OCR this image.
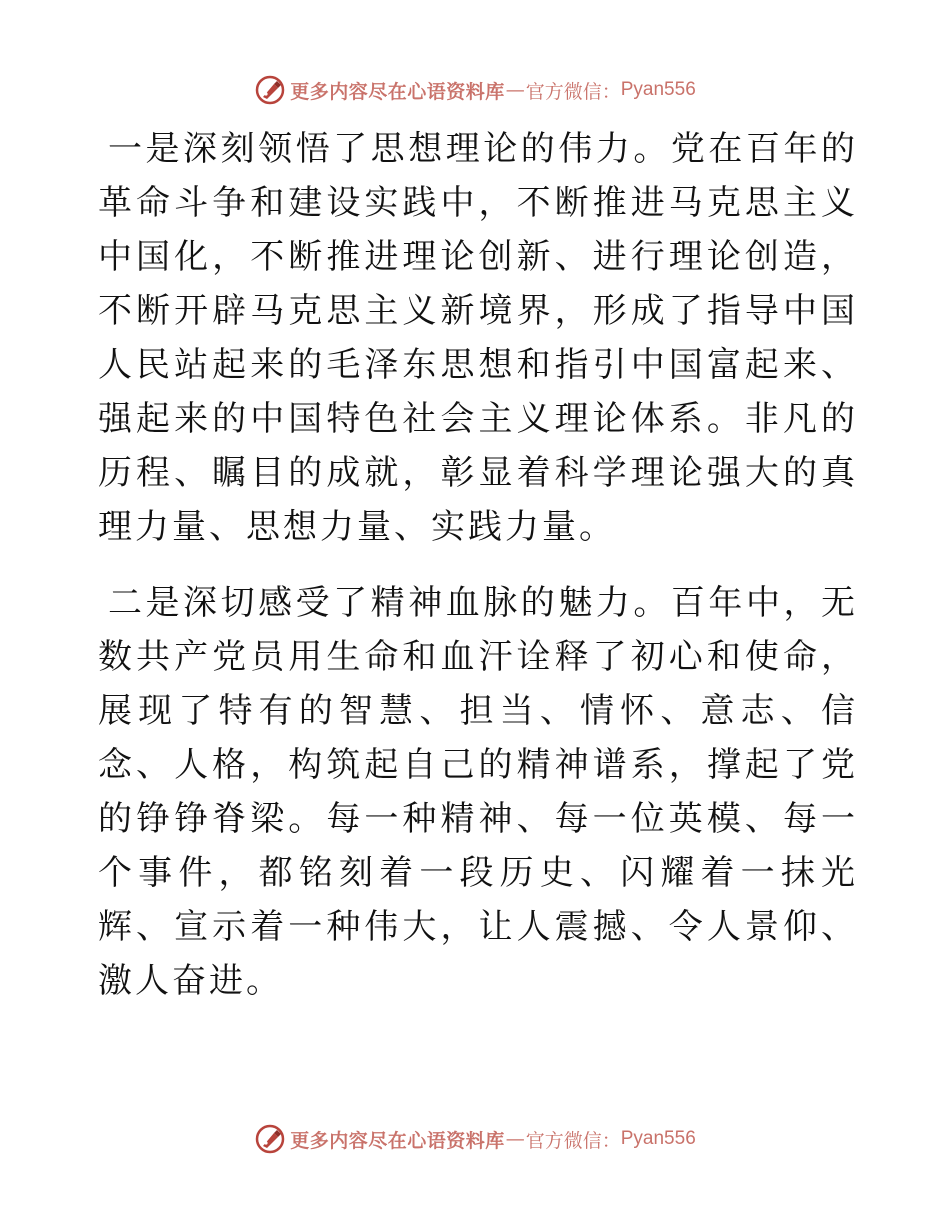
更多内容尽在心语资料库 — 官方微信： Pyan556

一是深刻领悟了思想理论的伟力。党在百年的革命斗争和建设实践中，不断推进马克思主义中国化，不断推进理论创新、进行理论创造，不断开辟马克思主义新境界，形成了指导中国人民站起来的毛泽东思想和指引中国富起来、强起来的中国特色社会主义理论体系。非凡的历程、瞩目的成就，彰显着科学理论强大的真理力量、思想力量、实践力量。

二是深切感受了精神血脉的魅力。百年中，无数共产党员用生命和血汗诠释了初心和使命，展现了特有的智慧、担当、情怀、意志、信念、人格，构筑起自己的精神谱系，撑起了党的铮铮脊梁。每一种精神、每一位英模、每一个事件，都铭刻着一段历史、闪耀着一抹光辉、宣示着一种伟大，让人震撼、令人景仰、激人奋进。

更多内容尽在心语资料库 — 官方微信： Pyan556
